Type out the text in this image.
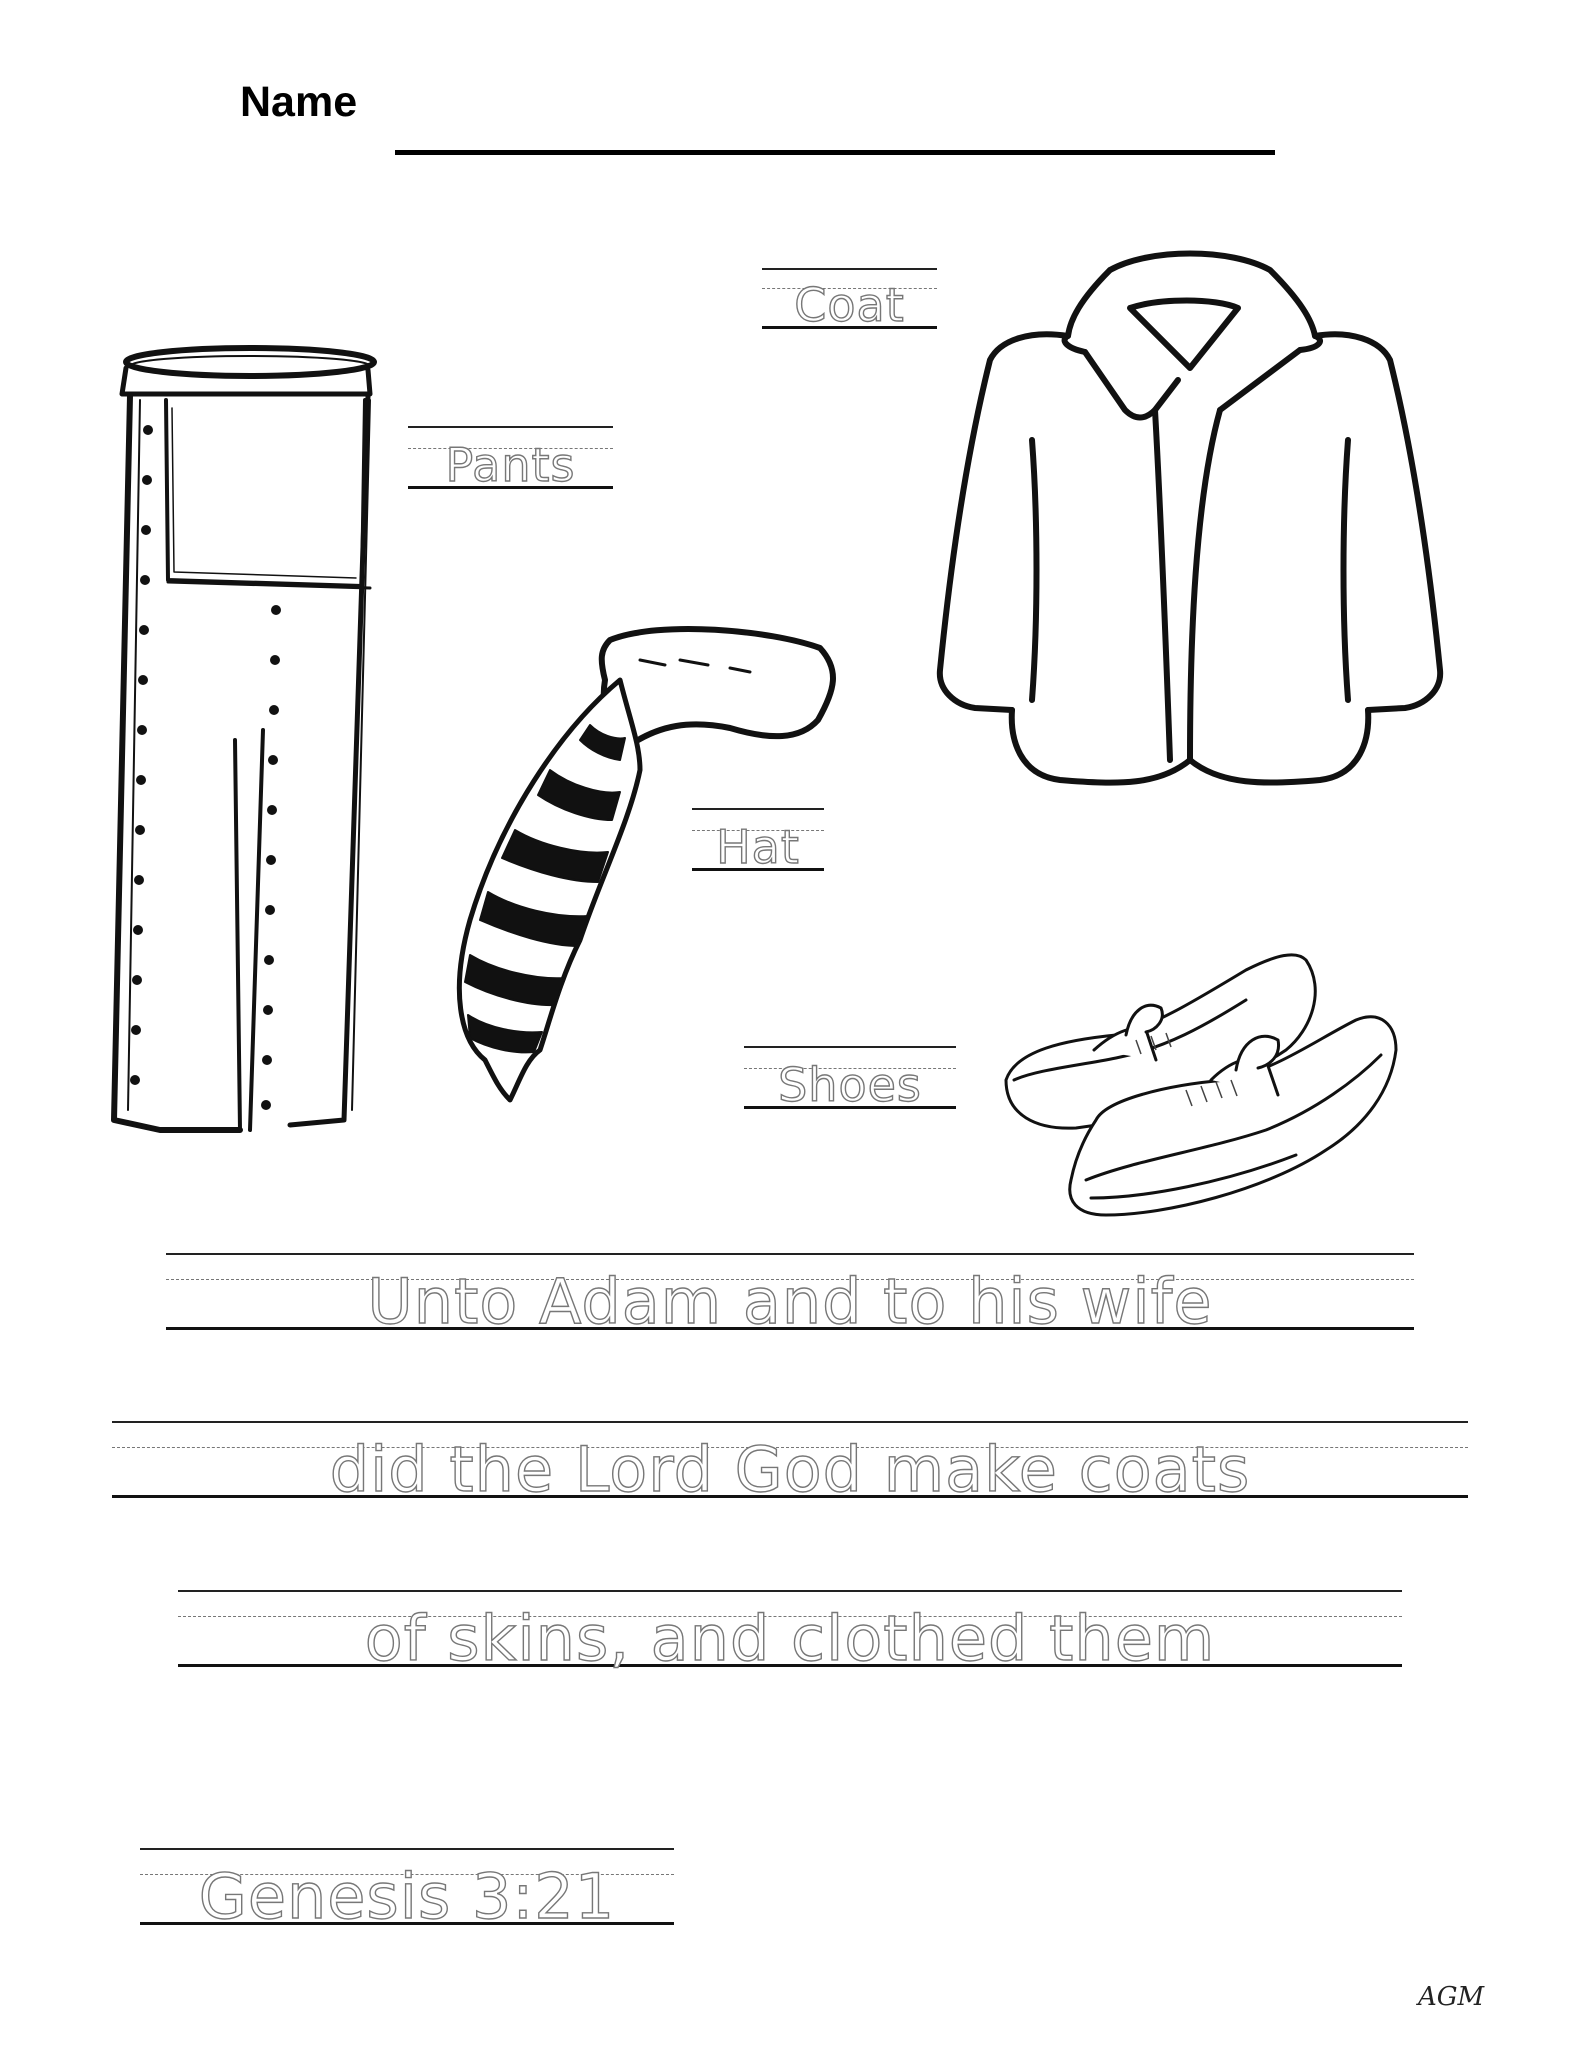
Name
Coat
Pants
Hat
Shoes
Unto Adam and to his wife
did the Lord God make coats
of skins, and clothed them
Genesis 3:21
AGM
